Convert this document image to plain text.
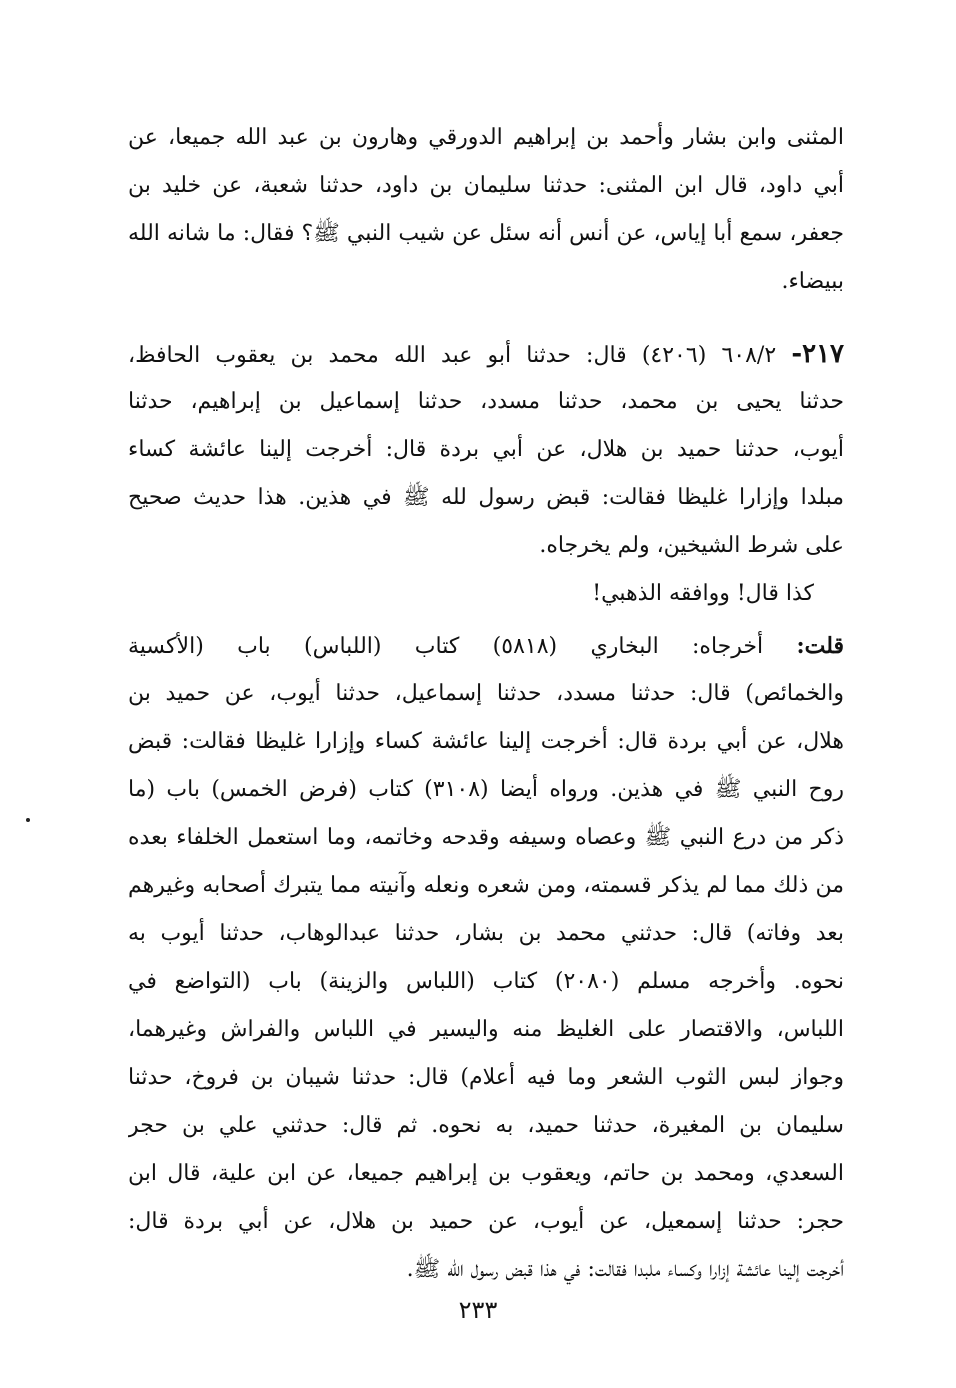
المثنى وابن بشار وأحمد بن إبراهيم الدورقي وهارون بن عبد الله جميعا، عن
أبي داود، قال ابن المثنى: حدثنا سليمان بن داود، حدثنا شعبة، عن خليد بن
جعفر، سمع أبا إياس، عن أنس أنه سئل عن شيب النبي ﷺ؟ فقال: ما شانه الله
ببيضاء.
٢١٧- ٦٠٨/٢ (٤٢٠٦) قال: حدثنا أبو عبد الله محمد بن يعقوب الحافظ،
حدثنا يحيى بن محمد، حدثنا مسدد، حدثنا إسماعيل بن إبراهيم، حدثنا
أيوب، حدثنا حميد بن هلال، عن أبي بردة قال: أخرجت إلينا عائشة كساء
مبلدا وإزارا غليظا فقالت: قبض رسول لله ﷺ في هذين. هذا حديث صحيح
على شرط الشيخين، ولم يخرجاه.
كذا قال! ووافقه الذهبي!
قلت: أخرجاه: البخاري (٥٨١٨) كتاب (اللباس) باب (الأكسية
والخمائص) قال: حدثنا مسدد، حدثنا إسماعيل، حدثنا أيوب، عن حميد بن
هلال، عن أبي بردة قال: أخرجت إلينا عائشة كساء وإزارا غليظا فقالت: قبض
روح النبي ﷺ في هذين. ورواه أيضا (٣١٠٨) كتاب (فرض الخمس) باب (ما
ذكر من درع النبي ﷺ وعصاه وسيفه وقدحه وخاتمه، وما استعمل الخلفاء بعده
من ذلك مما لم يذكر قسمته، ومن شعره ونعله وآنيته مما يتبرك أصحابه وغيرهم
بعد وفاته) قال: حدثني محمد بن بشار، حدثنا عبدالوهاب، حدثنا أيوب به
نحوه. وأخرجه مسلم (٢٠٨٠) كتاب (اللباس والزينة) باب (التواضع في
اللباس، والاقتصار على الغليظ منه واليسير في اللباس والفراش وغيرهما،
وجواز لبس الثوب الشعر وما فيه أعلام) قال: حدثنا شيبان بن فروخ، حدثنا
سليمان بن المغيرة، حدثنا حميد، به نحوه. ثم قال: حدثني علي بن حجر
السعدي، ومحمد بن حاتم، ويعقوب بن إبراهيم جميعا، عن ابن علية، قال ابن
حجر: حدثنا إسمعيل، عن أيوب، عن حميد بن هلال، عن أبي بردة قال:
أخرجت إلينا عائشة إزارا وكساء ملبدا فقالت: في هذا قبض رسول الله ﷺ.
٢٣٣
